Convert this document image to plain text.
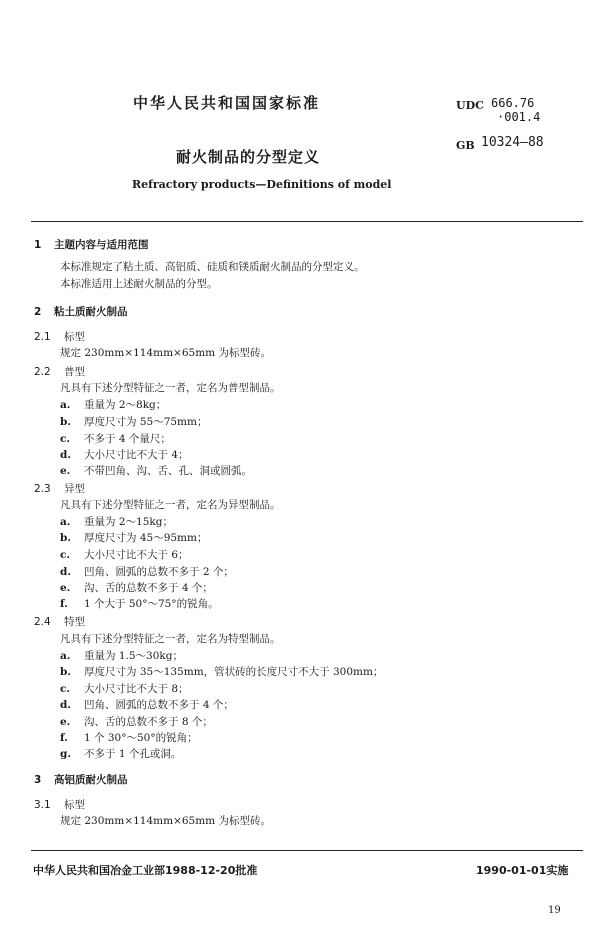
中华人民共和国国家标准	UDC 666.76
·001.4
GB 10324—88
耐火制品的分型定义
Refractory products—Definitions of model
1 主题内容与适用范围
本标准规定了粘土质、高铝质、硅质和镁质耐火制品的分型定义。
本标准适用上述耐火制品的分型。
2 粘土质耐火制品
2.1 标型
规定 230mm×114mm×65mm 为标型砖。
2.2 普型
凡具有下述分型特征之一者，定名为普型制品。
a. 重量为 2～8kg；
b. 厚度尺寸为 55～75mm；
c. 不多于 4 个量尺；
d. 大小尺寸比不大于 4；
e. 不带凹角、沟、舌、孔、洞或圆弧。
2.3 异型
凡具有下述分型特征之一者，定名为异型制品。
a. 重量为 2～15kg；
b. 厚度尺寸为 45～95mm；
c. 大小尺寸比不大于 6；
d. 凹角、圆弧的总数不多于 2 个；
e. 沟、舌的总数不多于 4 个；
f. 1 个大于 50°～75°的锐角。
2.4 特型
凡具有下述分型特征之一者，定名为特型制品。
a. 重量为 1.5～30kg；
b. 厚度尺寸为 35～135mm，管状砖的长度尺寸不大于 300mm；
c. 大小尺寸比不大于 8；
d. 凹角、圆弧的总数不多于 4 个；
e. 沟、舌的总数不多于 8 个；
f. 1 个 30°～50°的锐角；
g. 不多于 1 个孔或洞。
3 高铝质耐火制品
3.1 标型
规定 230mm×114mm×65mm 为标型砖。
中华人民共和国冶金工业部1988-12-20批准	1990-01-01实施
19
